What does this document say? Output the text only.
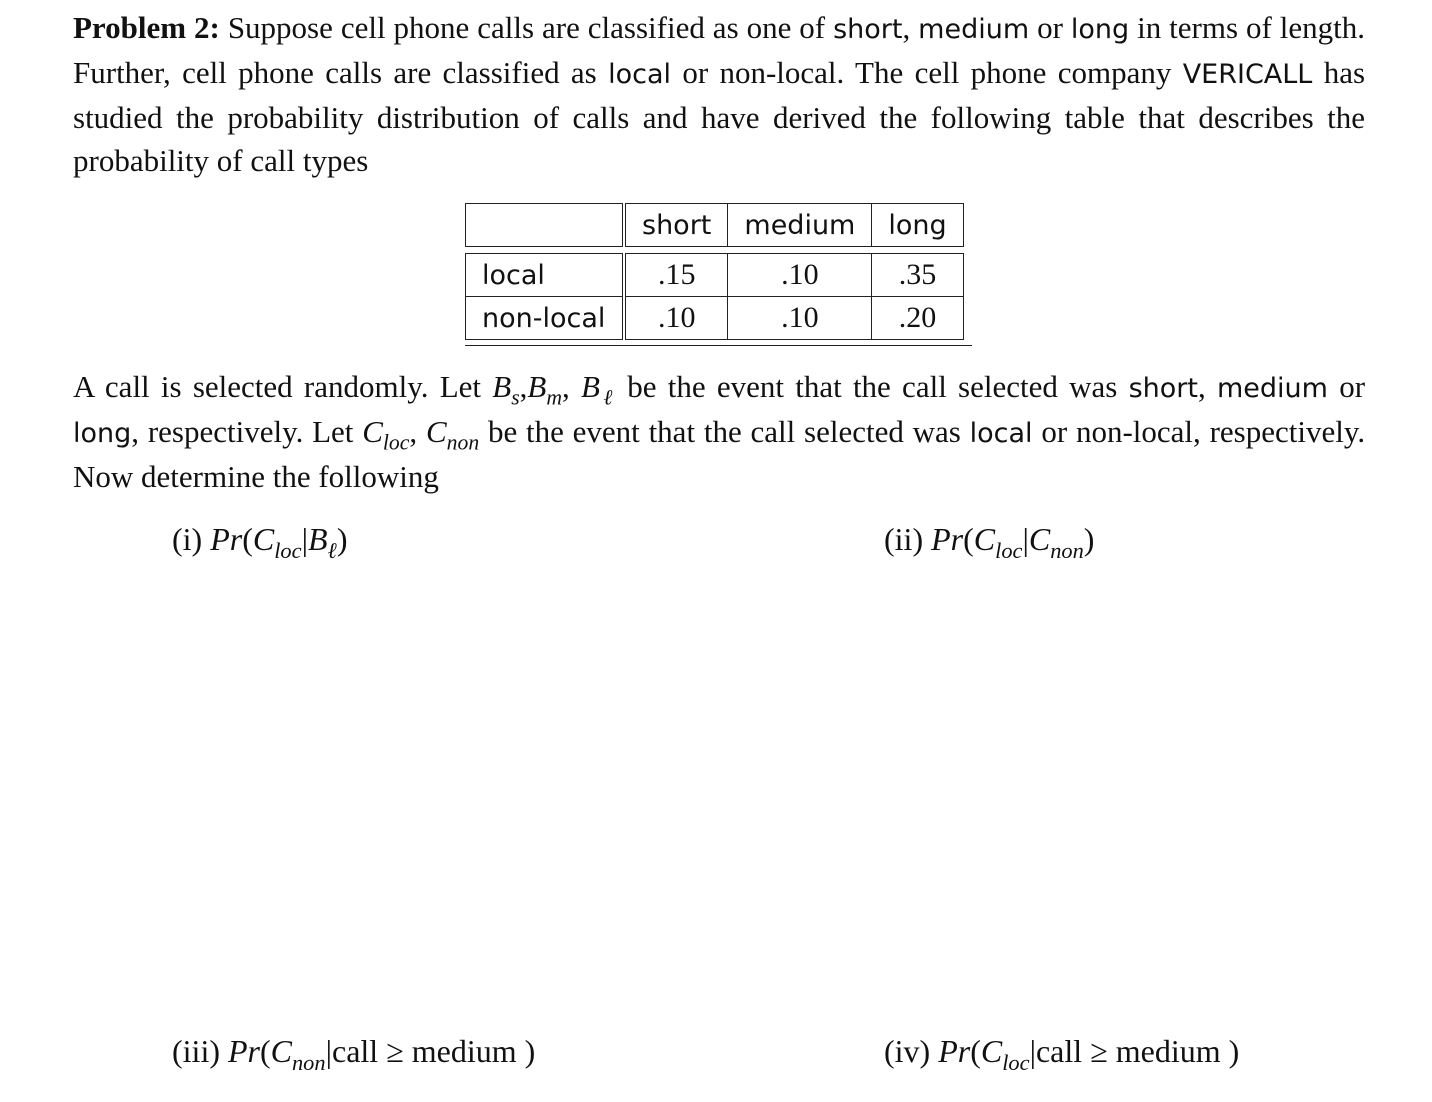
Problem 2: Suppose cell phone calls are classified as one of short, medium or long in terms of length. Further, cell phone calls are classified as local or non-local. The cell phone company VERICALL has studied the probability distribution of calls and have derived the following table that describes the probability of call types
	short	medium	long

local	.15	.10	.35
non-local	.10	.10	.20
A call is selected randomly. Let $B_s,B_m$, $B_\ell$ be the event that the call selected was short, medium or long, respectively. Let $C_{loc}$, $C_{non}$ be the event that the call selected was local or non-local, respectively. Now determine the following
(i) $Pr(C_{loc}|B_\ell)$	(ii) $Pr(C_{loc}|C_{non})$
(iii) $Pr(C_{non}|call$ ≥ medium )	(iv) $Pr(C_{loc}|call$ ≥ medium )
